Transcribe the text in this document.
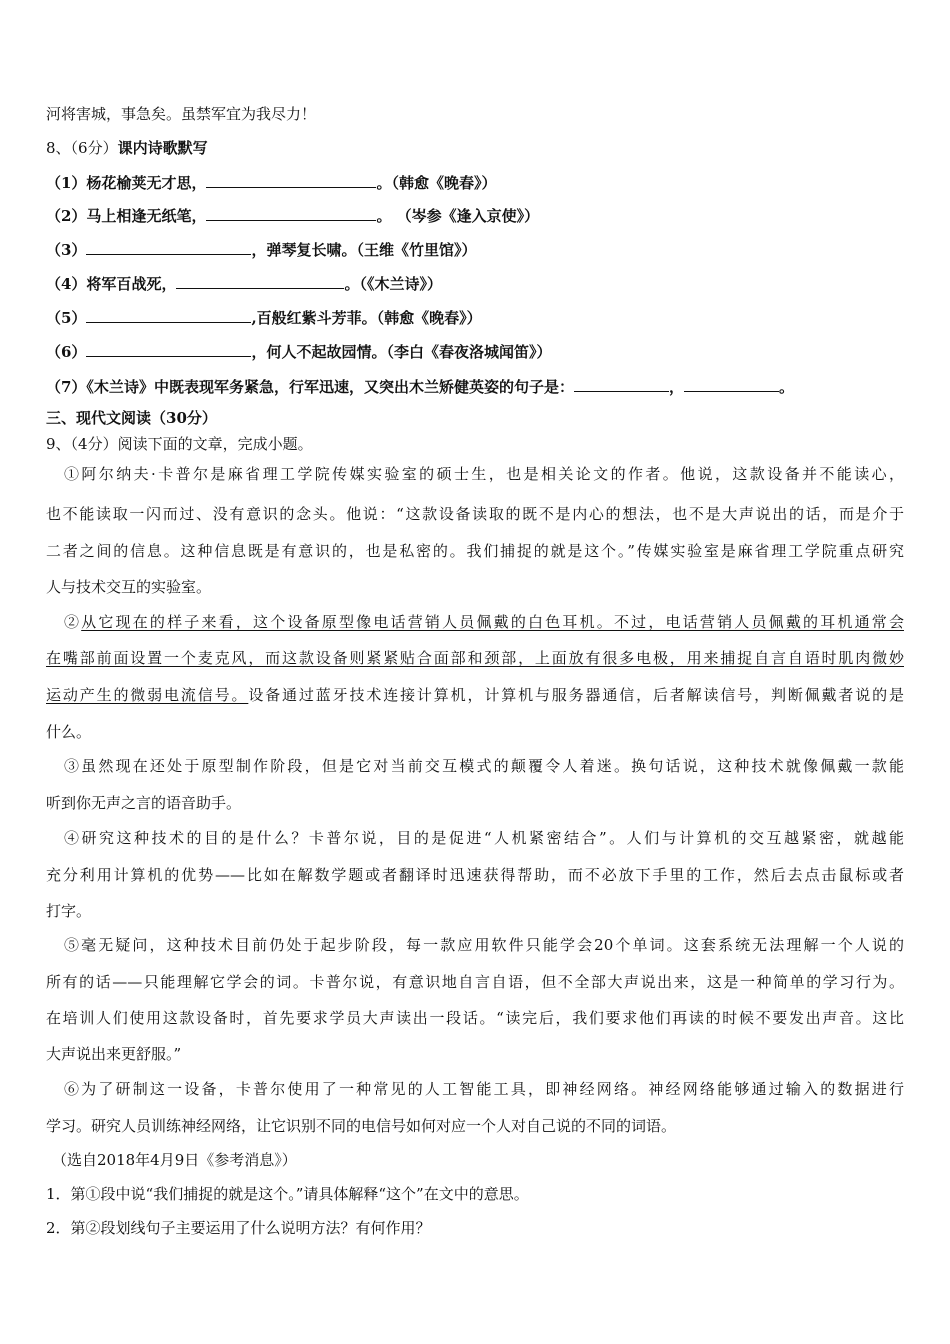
河将害城，事急矣。虽禁军宜为我尽力！
8、（6分）课内诗歌默写
（1）杨花榆荚无才思，	。（韩愈《晚春》）
（2）马上相逢无纸笔，	。 （岑参《逢入京使》）
（3）	，弹琴复长啸。（王维《竹里馆》）
（4）将军百战死，	。（《木兰诗》）
（5）	,百般红紫斗芳菲。（韩愈《晚春》）
（6）	，何人不起故园情。（李白《春夜洛城闻笛》）
（7）《木兰诗》中既表现军务紧急，行军迅速，又突出木兰矫健英姿的句子是：	，	。
三、现代文阅读（30分）
9、（4分）阅读下面的文章，完成小题。
①阿尔纳夫·卡普尔是麻省理工学院传媒实验室的硕士生，也是相关论文的作者。他说，这款设备并不能读心，
也不能读取一闪而过、没有意识的念头。他说：“这款设备读取的既不是内心的想法，也不是大声说出的话，而是介于
二者之间的信息。这种信息既是有意识的，也是私密的。我们捕捉的就是这个。”传媒实验室是麻省理工学院重点研究
人与技术交互的实验室。
②从它现在的样子来看，这个设备原型像电话营销人员佩戴的白色耳机。不过，电话营销人员佩戴的耳机通常会
在嘴部前面设置一个麦克风，而这款设备则紧紧贴合面部和颈部，上面放有很多电极，用来捕捉自言自语时肌肉微妙
运动产生的微弱电流信号。设备通过蓝牙技术连接计算机，计算机与服务器通信，后者解读信号，判断佩戴者说的是
什么。
③虽然现在还处于原型制作阶段，但是它对当前交互模式的颠覆令人着迷。换句话说，这种技术就像佩戴一款能
听到你无声之言的语音助手。
④研究这种技术的目的是什么？卡普尔说，目的是促进“人机紧密结合”。人们与计算机的交互越紧密，就越能
充分利用计算机的优势——比如在解数学题或者翻译时迅速获得帮助，而不必放下手里的工作，然后去点击鼠标或者
打字。
⑤毫无疑问，这种技术目前仍处于起步阶段，每一款应用软件只能学会20个单词。这套系统无法理解一个人说的
所有的话——只能理解它学会的词。卡普尔说，有意识地自言自语，但不全部大声说出来，这是一种简单的学习行为。
在培训人们使用这款设备时，首先要求学员大声读出一段话。“读完后，我们要求他们再读的时候不要发出声音。这比
大声说出来更舒服。”
⑥为了研制这一设备，卡普尔使用了一种常见的人工智能工具，即神经网络。神经网络能够通过输入的数据进行
学习。研究人员训练神经网络，让它识别不同的电信号如何对应一个人对自己说的不同的词语。
（选自2018年4月9日《参考消息》）
1．第①段中说“我们捕捉的就是这个。”请具体解释“这个”在文中的意思。
2．第②段划线句子主要运用了什么说明方法？有何作用？
